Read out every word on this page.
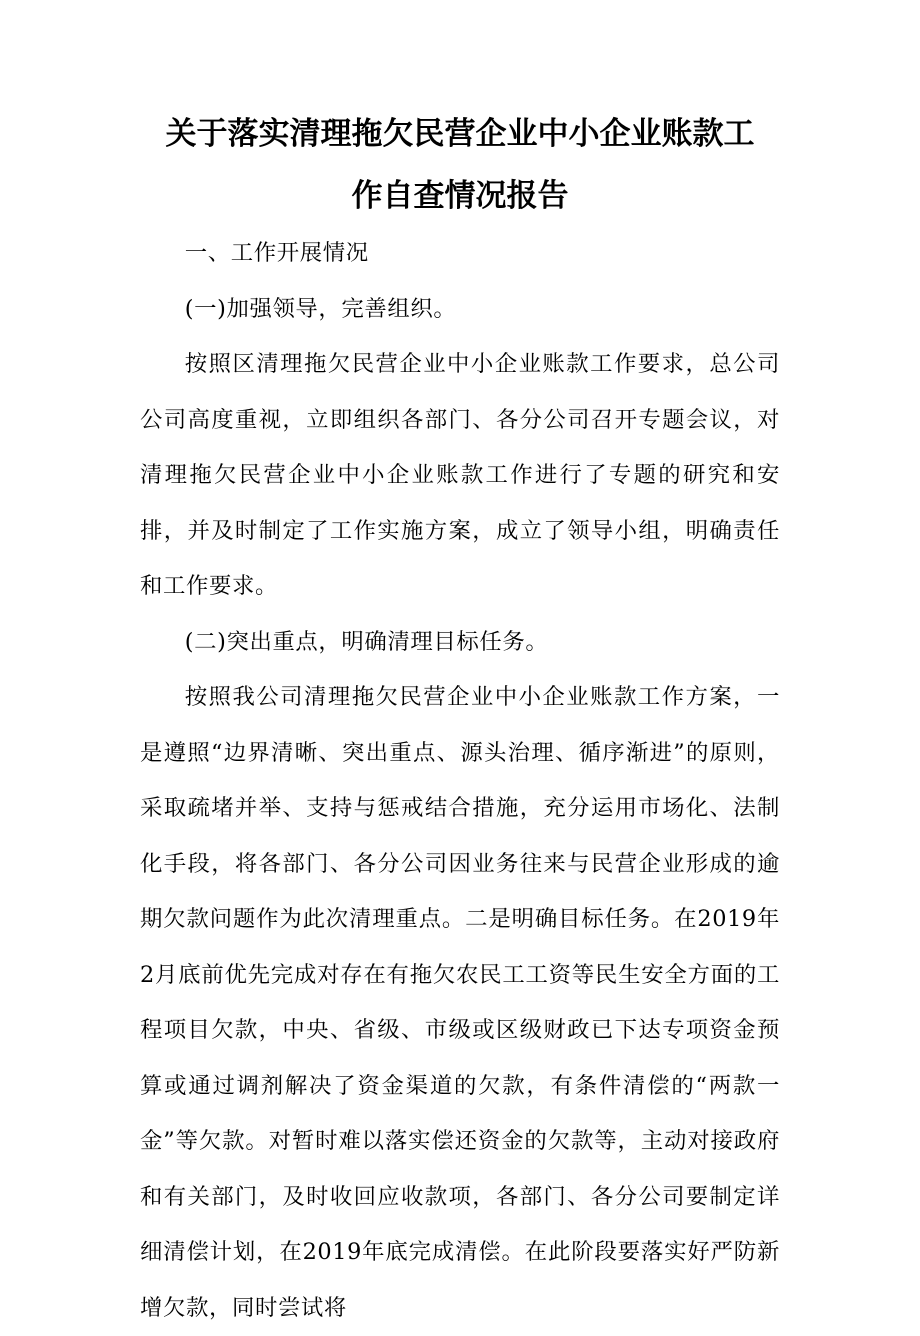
关于落实清理拖欠民营企业中小企业账款工
作自查情况报告

一、工作开展情况

(一)加强领导，完善组织。

按照区清理拖欠民营企业中小企业账款工作要求，总公司公司高度重视，立即组织各部门、各分公司召开专题会议，对清理拖欠民营企业中小企业账款工作进行了专题的研究和安排，并及时制定了工作实施方案，成立了领导小组，明确责任和工作要求。

(二)突出重点，明确清理目标任务。

按照我公司清理拖欠民营企业中小企业账款工作方案，一是遵照“边界清晰、突出重点、源头治理、循序渐进”的原则，采取疏堵并举、支持与惩戒结合措施，充分运用市场化、法制化手段，将各部门、各分公司因业务往来与民营企业形成的逾期欠款问题作为此次清理重点。二是明确目标任务。在2019年2月底前优先完成对存在有拖欠农民工工资等民生安全方面的工程项目欠款，中央、省级、市级或区级财政已下达专项资金预算或通过调剂解决了资金渠道的欠款，有条件清偿的“两款一金”等欠款。对暂时难以落实偿还资金的欠款等，主动对接政府和有关部门，及时收回应收款项，各部门、各分公司要制定详细清偿计划，在2019年底完成清偿。在此阶段要落实好严防新增欠款，同时尝试将
